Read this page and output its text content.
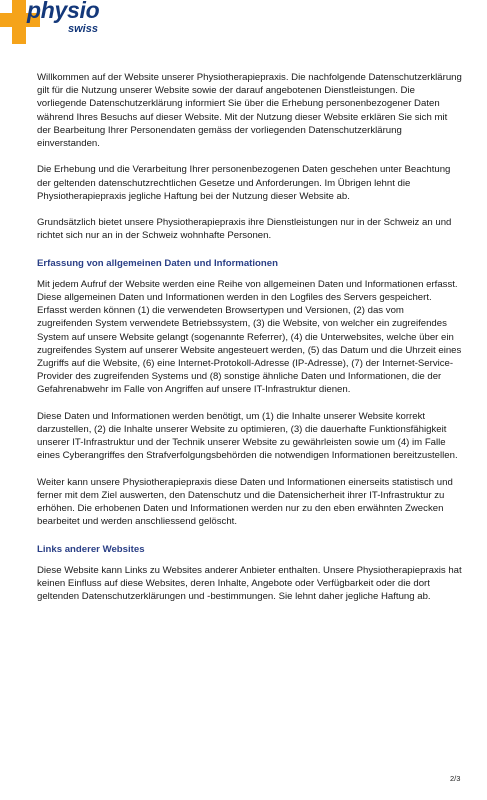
physio
swiss

Willkommen auf der Website unserer Physiotherapiepraxis. Die nachfolgende Datenschutzerklärung gilt für die Nutzung unserer Website sowie der darauf angebotenen Dienstleistungen. Die vorliegende Datenschutzerklärung informiert Sie über die Erhebung personenbezogener Daten während Ihres Besuchs auf dieser Website. Mit der Nutzung dieser Website erklären Sie sich mit der Bearbeitung Ihrer Personendaten gemäss der vorliegenden Datenschutzerklärung einverstanden.

Die Erhebung und die Verarbeitung Ihrer personenbezogenen Daten geschehen unter Beachtung der geltenden datenschutzrechtlichen Gesetze und Anforderungen. Im Übrigen lehnt die Physiotherapiepraxis jegliche Haftung bei der Nutzung dieser Website ab.

Grundsätzlich bietet unsere Physiotherapiepraxis ihre Dienstleistungen nur in der Schweiz an und richtet sich nur an in der Schweiz wohnhafte Personen.

Erfassung von allgemeinen Daten und Informationen

Mit jedem Aufruf der Website werden eine Reihe von allgemeinen Daten und Informationen erfasst. Diese allgemeinen Daten und Informationen werden in den Logfiles des Servers gespeichert. Erfasst werden können (1) die verwendeten Browsertypen und Versionen, (2) das vom zugreifenden System verwendete Betriebssystem, (3) die Website, von welcher ein zugreifendes System auf unsere Website gelangt (sogenannte Referrer), (4) die Unterwebsites, welche über ein zugreifendes System auf unserer Website angesteuert werden, (5) das Datum und die Uhrzeit eines Zugriffs auf die Website, (6) eine Internet-Protokoll-Adresse (IP-Adresse), (7) der Internet-Service-Provider des zugreifenden Systems und (8) sonstige ähnliche Daten und Informationen, die der Gefahrenabwehr im Falle von Angriffen auf unsere IT-Infrastruktur dienen.

Diese Daten und Informationen werden benötigt, um (1) die Inhalte unserer Website korrekt darzustellen, (2) die Inhalte unserer Website zu optimieren, (3) die dauerhafte Funktionsfähigkeit unserer IT-Infrastruktur und der Technik unserer Website zu gewährleisten sowie um (4) im Falle eines Cyberangriffes den Strafverfolgungsbehörden die notwendigen Informationen bereitzustellen.

Weiter kann unsere Physiotherapiepraxis diese Daten und Informationen einerseits statistisch und ferner mit dem Ziel auswerten, den Datenschutz und die Datensicherheit ihrer IT-Infrastruktur zu erhöhen. Die erhobenen Daten und Informationen werden nur zu den eben erwähnten Zwecken bearbeitet und werden anschliessend gelöscht.

Links anderer Websites

Diese Website kann Links zu Websites anderer Anbieter enthalten. Unsere Physiotherapiepraxis hat keinen Einfluss auf diese Websites, deren Inhalte, Angebote oder Verfügbarkeit oder die dort geltenden Datenschutzerklärungen und -bestimmungen. Sie lehnt daher jegliche Haftung ab.

2/3
